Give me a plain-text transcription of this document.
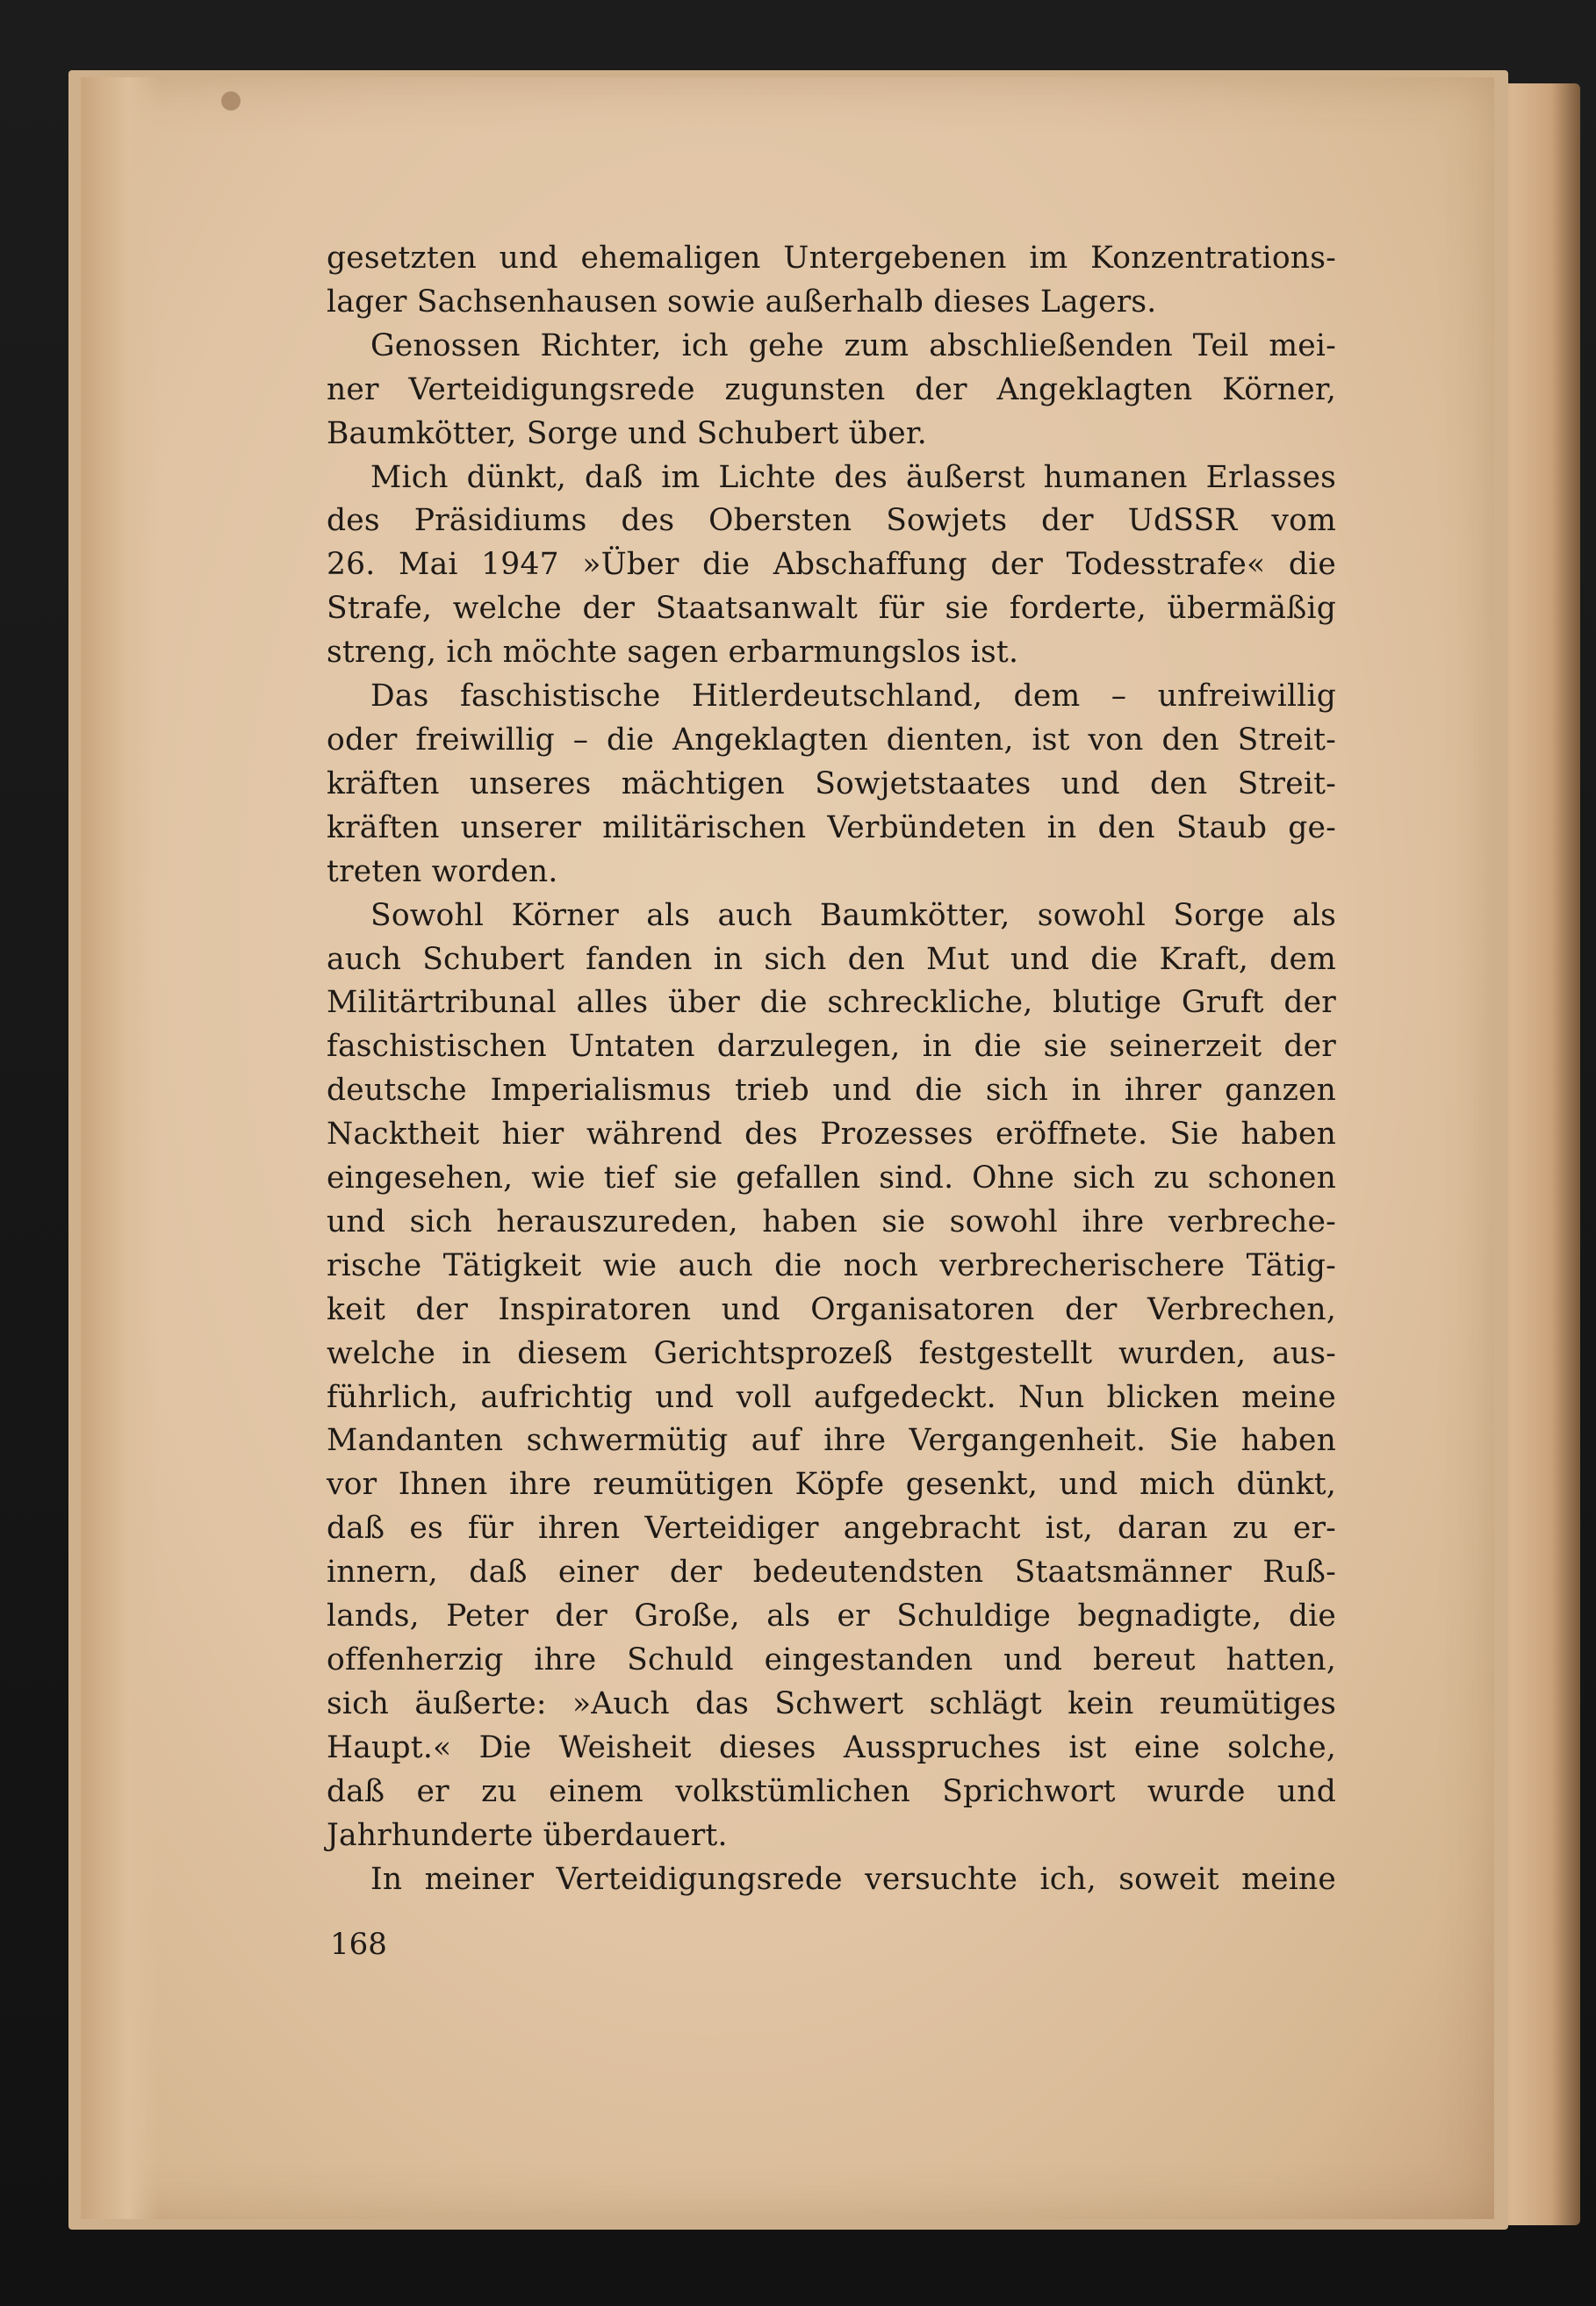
gesetzten und ehemaligen Untergebenen im Konzentrations-

lager Sachsenhausen sowie außerhalb dieses Lagers.

Genossen Richter, ich gehe zum abschließenden Teil mei-

ner Verteidigungsrede zugunsten der Angeklagten Körner,

Baumkötter, Sorge und Schubert über.

Mich dünkt, daß im Lichte des äußerst humanen Erlasses

des Präsidiums des Obersten Sowjets der UdSSR vom

26. Mai 1947 »Über die Abschaffung der Todesstrafe« die

Strafe, welche der Staatsanwalt für sie forderte, übermäßig

streng, ich möchte sagen erbarmungslos ist.

Das faschistische Hitlerdeutschland, dem – unfreiwillig

oder freiwillig – die Angeklagten dienten, ist von den Streit-

kräften unseres mächtigen Sowjetstaates und den Streit-

kräften unserer militärischen Verbündeten in den Staub ge-

treten worden.

Sowohl Körner als auch Baumkötter, sowohl Sorge als

auch Schubert fanden in sich den Mut und die Kraft, dem

Militärtribunal alles über die schreckliche, blutige Gruft der

faschistischen Untaten darzulegen, in die sie seinerzeit der

deutsche Imperialismus trieb und die sich in ihrer ganzen

Nacktheit hier während des Prozesses eröffnete. Sie haben

eingesehen, wie tief sie gefallen sind. Ohne sich zu schonen

und sich herauszureden, haben sie sowohl ihre verbreche-

rische Tätigkeit wie auch die noch verbrecherischere Tätig-

keit der Inspiratoren und Organisatoren der Verbrechen,

welche in diesem Gerichtsprozeß festgestellt wurden, aus-

führlich, aufrichtig und voll aufgedeckt. Nun blicken meine

Mandanten schwermütig auf ihre Vergangenheit. Sie haben

vor Ihnen ihre reumütigen Köpfe gesenkt, und mich dünkt,

daß es für ihren Verteidiger angebracht ist, daran zu er-

innern, daß einer der bedeutendsten Staatsmänner Ruß-

lands, Peter der Große, als er Schuldige begnadigte, die

offenherzig ihre Schuld eingestanden und bereut hatten,

sich äußerte: »Auch das Schwert schlägt kein reumütiges

Haupt.« Die Weisheit dieses Ausspruches ist eine solche,

daß er zu einem volkstümlichen Sprichwort wurde und

Jahrhunderte überdauert.

In meiner Verteidigungsrede versuchte ich, soweit meine

168
